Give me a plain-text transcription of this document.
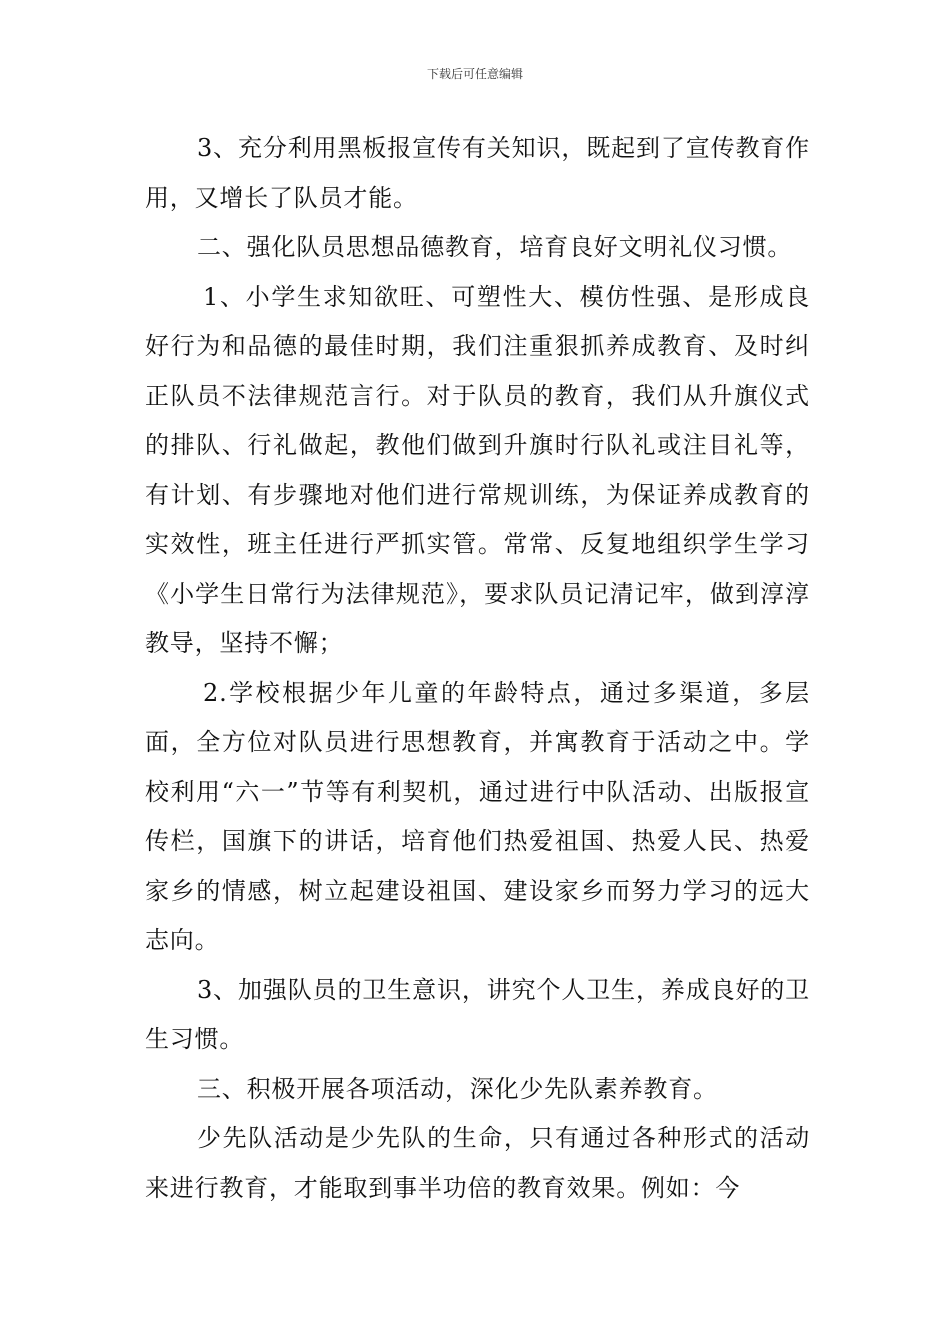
下载后可任意编辑

3、充分利用黑板报宣传有关知识，既起到了宣传教育作用，又增长了队员才能。

二、强化队员思想品德教育，培育良好文明礼仪习惯。

1、小学生求知欲旺、可塑性大、模仿性强、是形成良好行为和品德的最佳时期，我们注重狠抓养成教育、及时纠正队员不法律规范言行。对于队员的教育，我们从升旗仪式的排队、行礼做起，教他们做到升旗时行队礼或注目礼等，有计划、有步骤地对他们进行常规训练，为保证养成教育的实效性，班主任进行严抓实管。常常、反复地组织学生学习《小学生日常行为法律规范》，要求队员记清记牢，做到淳淳教导，坚持不懈；

2.学校根据少年儿童的年龄特点，通过多渠道，多层面，全方位对队员进行思想教育，并寓教育于活动之中。学校利用“六一”节等有利契机，通过进行中队活动、出版报宣传栏，国旗下的讲话，培育他们热爱祖国、热爱人民、热爱家乡的情感，树立起建设祖国、建设家乡而努力学习的远大志向。

3、加强队员的卫生意识，讲究个人卫生，养成良好的卫生习惯。

三、积极开展各项活动，深化少先队素养教育。

少先队活动是少先队的生命，只有通过各种形式的活动来进行教育，才能取到事半功倍的教育效果。例如：今
